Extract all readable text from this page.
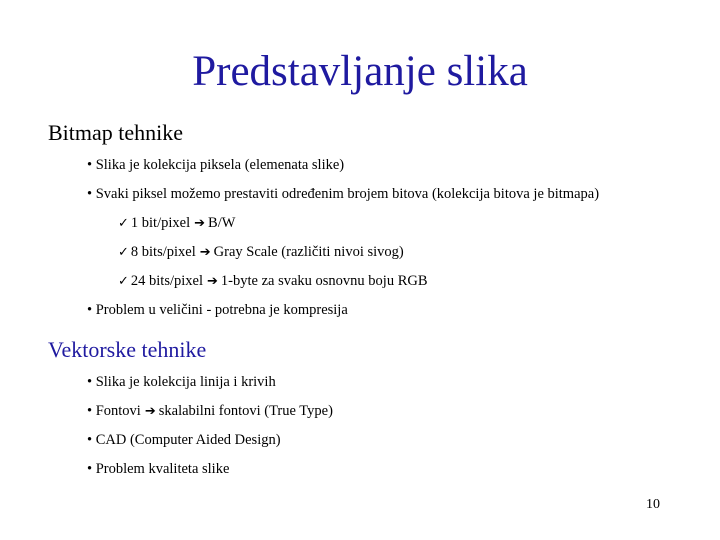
Predstavljanje slika
Bitmap tehnike
• Slika je kolekcija piksela (elemenata slike)
• Svaki piksel možemo prestaviti određenim brojem bitova (kolekcija bitova je bitmapa)
✓ 1 bit/pixel ➔ B/W
✓ 8 bits/pixel ➔ Gray Scale (različiti nivoi sivog)
✓ 24 bits/pixel ➔ 1-byte za svaku osnovnu boju RGB
• Problem u veličini - potrebna je kompresija
Vektorske tehnike
• Slika je kolekcija linija i krivih
• Fontovi ➔ skalabilni fontovi (True Type)
• CAD (Computer Aided Design)
• Problem kvaliteta slike
10
